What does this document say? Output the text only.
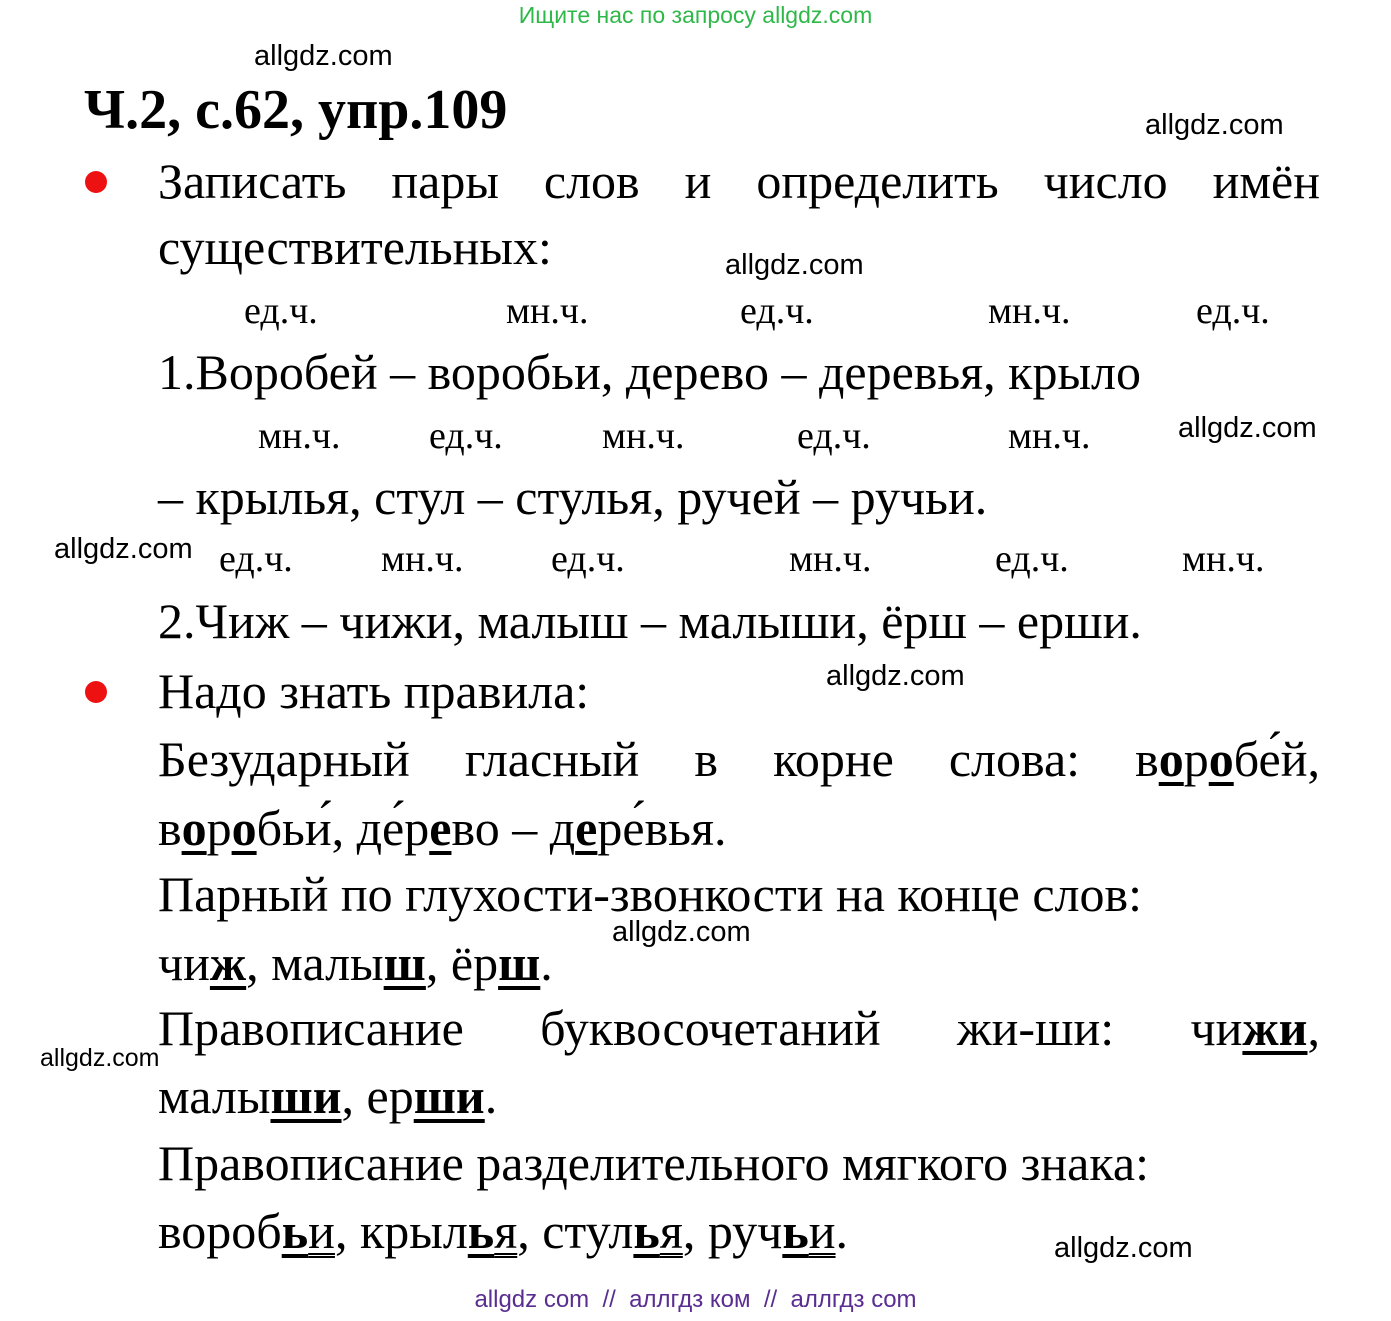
Ищите нас по запросу allgdz.com
allgdz.com
allgdz.com
allgdz.com
allgdz.com
allgdz.com
allgdz.com
allgdz.com
allgdz.com
allgdz.com
Ч.2, с.62, упр.109
Записать пары слов и определить число имён
существительных:
ед.ч.	мн.ч.	ед.ч.	мн.ч.	ед.ч.
1.Воробей – воробьи, дерево – деревья, крыло
мн.ч. ед.ч.	мн.ч.	ед.ч.	мн.ч.
– крылья, стул – стулья, ручей – ручьи.
ед.ч. мн.ч. ед.ч.	мн.ч.	ед.ч.	мн.ч.
2.Чиж – чижи, малыш – малыши, ёрш – ерши.
Надо знать правила:
Безударный гласный в корне слова: воробе́й,
воробьи́, де́рево – дере́вья.
Парный по глухости-звонкости на конце слов:
чиж, малыш, ёрш.
Правописание буквосочетаний жи-ши: чижи,
малыши, ерши.
Правописание разделительного мягкого знака:
воробьи, крылья, стулья, ручьи.
allgdz com  //  аллгдз ком  //  аллгдз com
